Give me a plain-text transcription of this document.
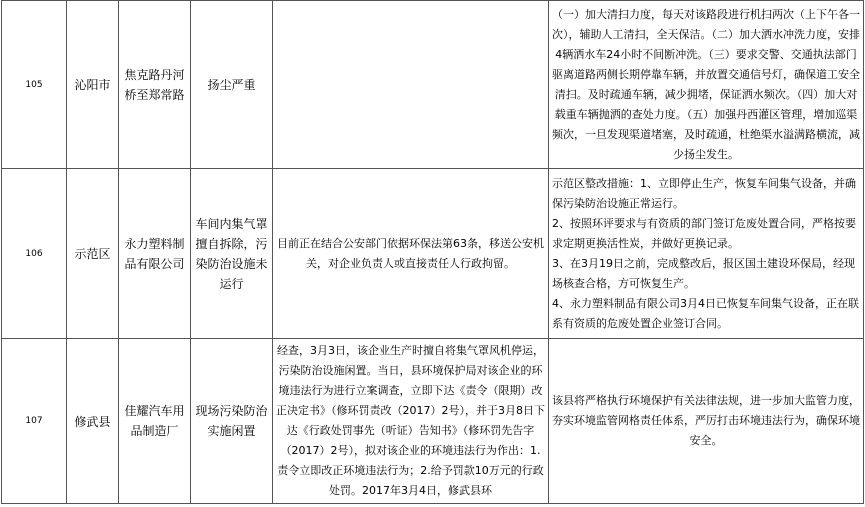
105	沁阳市	焦克路丹河桥至郑常路	扬尘严重		（一）加大清扫力度，每天对该路段进行机扫两次（上下午各一次），辅助人工清扫，全天保洁。（二）加大洒水冲洗力度，安排4辆洒水车24小时不间断冲洗。（三）要求交警、交通执法部门驱离道路两侧长期停靠车辆，并放置交通信号灯，确保道工安全清扫。及时疏通车辆，减少拥堵，保证洒水频次。（四）加大对载重车辆抛洒的查处力度。（五）加强丹西灌区管理，增加巡渠频次，一旦发现渠道堵塞，及时疏通，杜绝渠水溢满路横流，减少扬尘发生。
106	示范区	永力塑料制品有限公司	车间内集气罩擅自拆除，污染防治设施未运行	目前正在结合公安部门依据环保法第63条，移送公安机关，对企业负责人或直接责任人行政拘留。	示范区整改措施：1、立即停止生产，恢复车间集气设备，并确保污染防治设施正常运行。
2、按照环评要求与有资质的部门签订危废处置合同，严格按要求定期更换活性炭，并做好更换记录。
3、在3月19日之前，完成整改后，报区国土建设环保局，经现场核查合格，方可恢复生产。
4、永力塑料制品有限公司3月4日已恢复车间集气设备，正在联系有资质的危废处置企业签订合同。
107	修武县	佳耀汽车用品制造厂	现场污染防治实施闲置	经查，3月3日，该企业生产时擅自将集气罩风机停运，污染防治设施闲置。当日，县环境保护局对该企业的环境违法行为进行立案调查，立即下达《责令（限期）改正决定书》（修环罚责改（2017）2号），并于3月8日下达《行政处罚事先（听证）告知书》（修环罚先告字（2017）2号），拟对该企业的环境违法行为作出：1.责令立即改正环境违法行为；2.给予罚款10万元的行政处罚。2017年3月4日，修武县环	该县将严格执行环境保护有关法律法规，进一步加大监管力度，夯实环境监管网格责任体系，严厉打击环境违法行为，确保环境安全。
